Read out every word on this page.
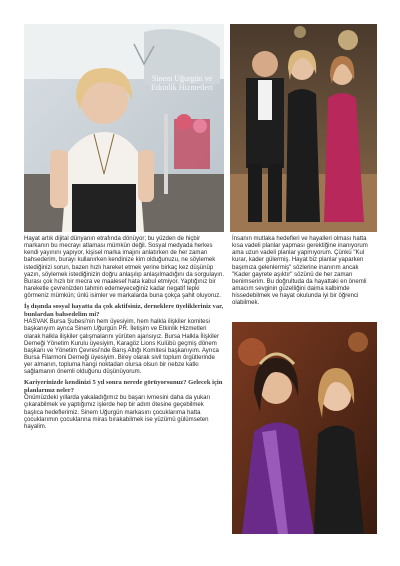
Sinem Uğurgün ve Etkinlik Hizmetleri

Hayat artık dijital dünyanın etrafında dönüyor; bu yüzden de hiçbir markanın bu mecrayı atlaması mümkün değil. Sosyal medyada herkes kendi yayınını yapıyor, kişisel marka imajını anlatırken de her zaman bahsederim, burayı kullanırken kendinize kim olduğunuzu, ne söylemek istediğinizi sorun, bazen hızlı hareket etmek yerine birkaç kez düşünüp yazın, söylemek istediğinizin doğru anlaşılıp anlaşılmadığını da sorgulayın. Burası çok hızlı bir mecra ve maalesef hata kabul etmiyor. Yaptığınız bir hareketle çevrenizden tahmin edemeyeceğiniz kadar negatif tepki görmeniz mümkün; ünlü isimler ve markalarda buna çokça şahit oluyoruz.

İş dışında sosyal hayatta da çok aktifsiniz, derneklere üyelikleriniz var, bunlardan bahsedelim mi?

HASVAK Bursa Şubesi'nin hem üyesiyim, hem halkla ilişkiler komitesi başkanıyım ayrıca Sinem Uğurgün PR. İletişim ve Etkinlik Hizmetleri olarak halkla ilişkiler çalışmalarını yürüten ajansıyız. Bursa Halkla İlişkiler Derneği Yönetim Kurulu üyesiyim, Karagöz Lions Kulübü geçmiş dönem başkanı ve Yönetim Çevresi'nde Barış Altığı Komitesi başkanıyım. Ayrıca Bursa Filarmoni Derneği üyesiyim. Birey olarak sivil toplum örgütlerinde yer almanın, topluma hangi noktadan olursa olsun bir nebze katkı sağlamanın önemli olduğunu düşünüyorum.

Kariyerinizde kendinizi 5 yıl sonra nerede görüyorsunuz? Gelecek için planlarınız neler?

Önümüzdeki yıllarda yakaladığımız bu başarı ivmesini daha da yukarı çıkarabilmek ve yaptığımız işlerde hep bir adım ötesine geçebilmek başlıca hedeflerimiz. Sinem Uğurgün markasını çocuklarıma hatta çocuklarımın çocuklarına miras bırakabilmek ise yüzümü gülümseten hayalim.

İnsanın mutlaka hedefleri ve hayalleri olması hatta kısa vadeli planlar yapması gerektiğine inanıyorum ama uzun vadeli planlar yapmıyorum. Çünkü "Kul kurar, kader gülermiş. Hayat biz planlar yaparken başımıza gelenlermiş" sözlerine inanırım ancak "Kader gayrete aşıktır" sözünü de her zaman benimserim. Bu doğrultuda da hayattaki en önemli amacım sevginin güzelliğini daima kalbimde hissedebilmek ve hayat okulunda iyi bir öğrenci olabilmek.
